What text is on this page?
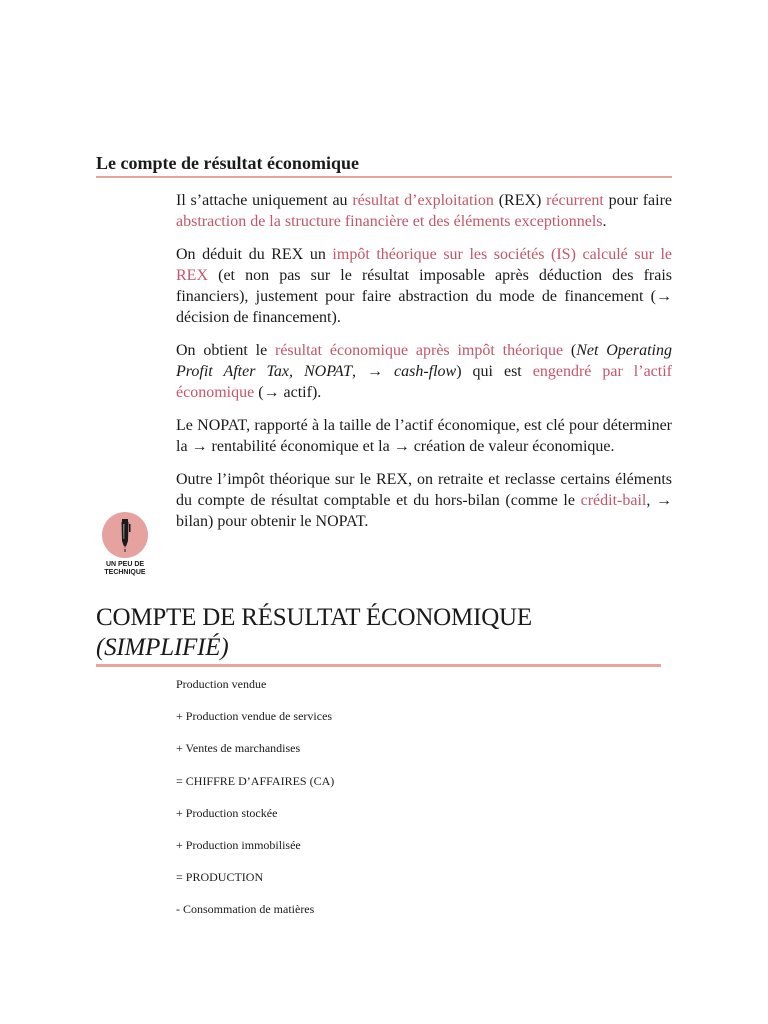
Le compte de résultat économique

Il s’attache uniquement au résultat d’exploitation (REX) récurrent pour faire abstraction de la structure financière et des éléments exceptionnels.

On déduit du REX un impôt théorique sur les sociétés (IS) calculé sur le REX (et non pas sur le résultat imposable après déduction des frais financiers), justement pour faire abstraction du mode de financement (→ décision de financement).

On obtient le résultat économique après impôt théorique (Net Operating Profit After Tax, NOPAT, → cash-flow) qui est engendré par l’actif économique (→ actif).

Le NOPAT, rapporté à la taille de l’actif économique, est clé pour déterminer la → rentabilité économique et la → création de valeur économique.

Outre l’impôt théorique sur le REX, on retraite et reclasse certains éléments du compte de résultat comptable et du hors-bilan (comme le crédit-bail, → bilan) pour obtenir le NOPAT.

UN PEU DE
TECHNIQUE
COMPTE DE RÉSULTAT ÉCONOMIQUE
(SIMPLIFIÉ)
Production vendue
+ Production vendue de services
+ Ventes de marchandises
= CHIFFRE D’AFFAIRES (CA)
+ Production stockée
+ Production immobilisée
= PRODUCTION
- Consommation de matières
